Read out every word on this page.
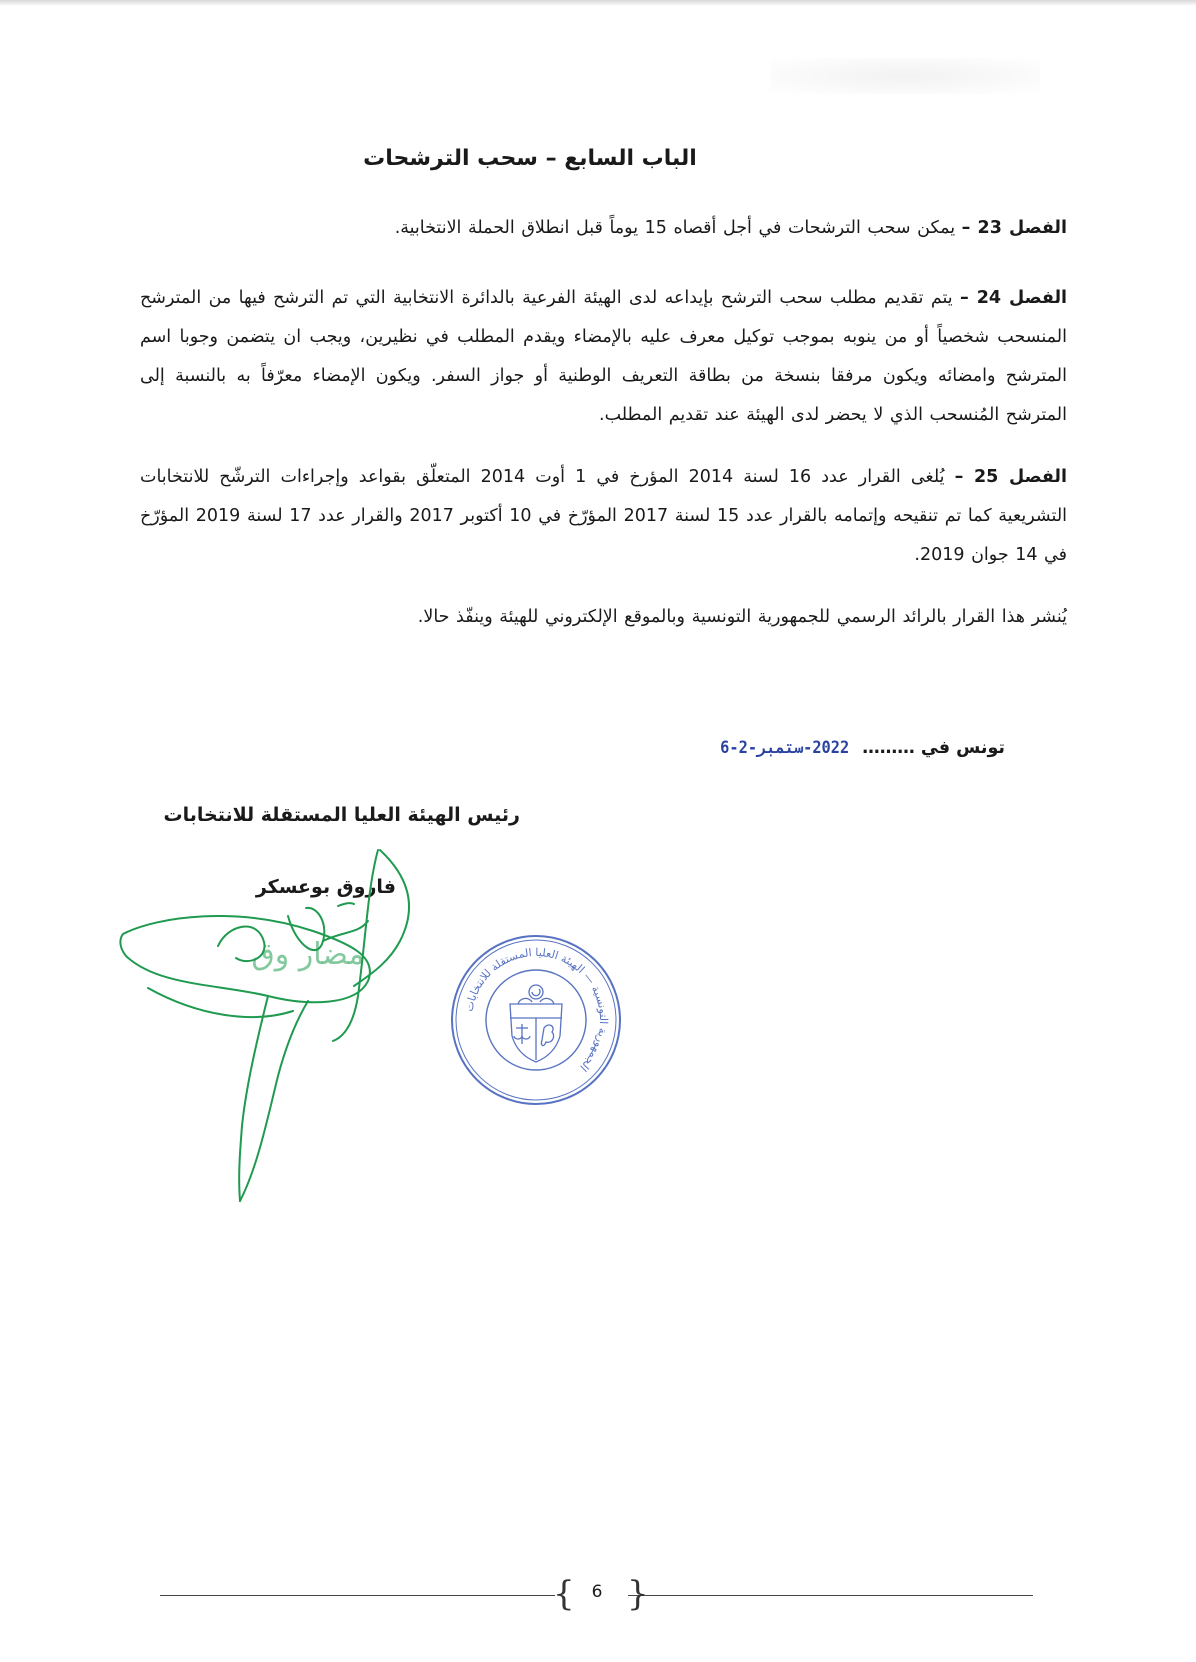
الباب السابع – سحب الترشحات
الفصل 23 – يمكن سحب الترشحات في أجل أقصاه 15 يوماً قبل انطلاق الحملة الانتخابية.
الفصل 24 – يتم تقديم مطلب سحب الترشح بإيداعه لدى الهيئة الفرعية بالدائرة الانتخابية التي تم الترشح فيها من المترشح المنسحب شخصياً أو من ينوبه بموجب توكيل معرف عليه بالإمضاء ويقدم المطلب في نظيرين، ويجب ان يتضمن وجوبا اسم المترشح وامضائه ويكون مرفقا بنسخة من بطاقة التعريف الوطنية أو جواز السفر. ويكون الإمضاء معرّفاً به بالنسبة إلى المترشح المُنسحب الذي لا يحضر لدى الهيئة عند تقديم المطلب.
الفصل 25 – يُلغى القرار عدد 16 لسنة 2014 المؤرخ في 1 أوت 2014 المتعلّق بقواعد وإجراءات الترشّح للانتخابات التشريعية كما تم تنقيحه وإتمامه بالقرار عدد 15 لسنة 2017 المؤرّخ في 10 أكتوبر 2017 والقرار عدد 17 لسنة 2019 المؤرّخ في 14 جوان 2019.
يُنشر هذا القرار بالرائد الرسمي للجمهورية التونسية وبالموقع الإلكتروني للهيئة وينفّذ حالا.
تونس في ……… 2022-ستمبر-2-6
رئيس الهيئة العليا المستقلة للانتخابات
فاروق بوعسكر
مضار وق
الجمهورية التونسية — الهيئة العليا المستقلة للانتخابات
{ 6 }
